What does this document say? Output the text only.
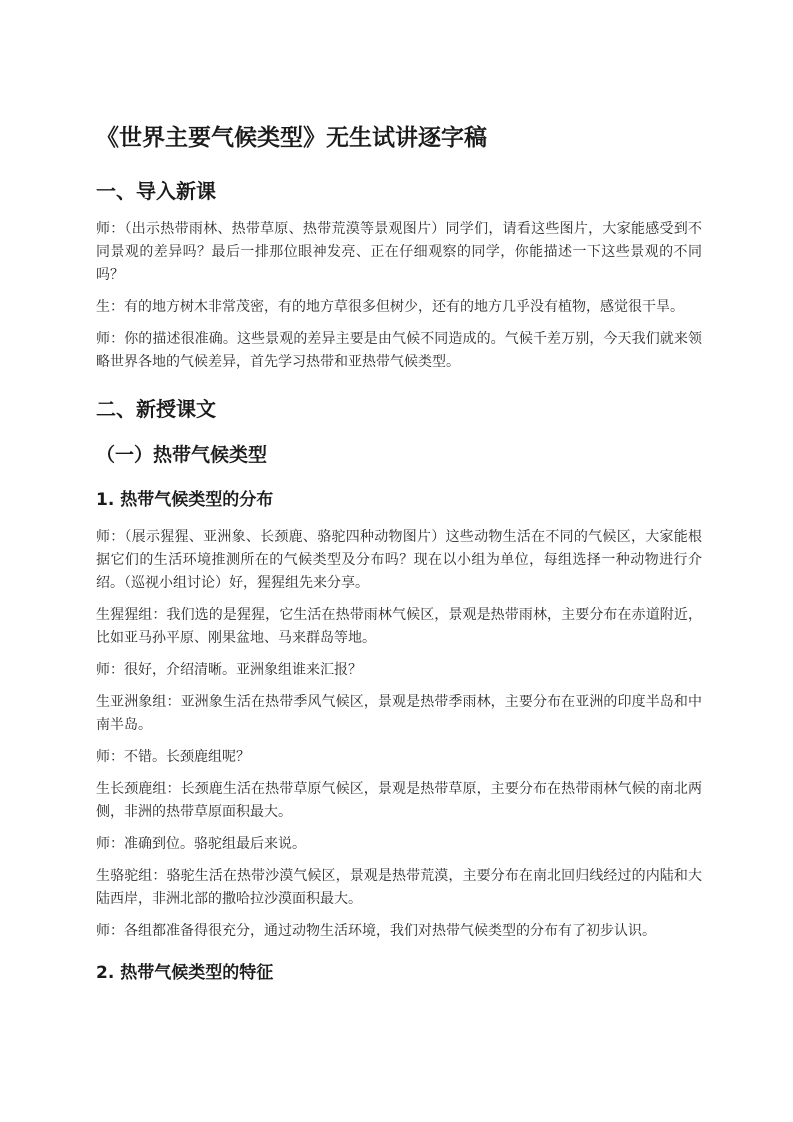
《世界主要气候类型》无生试讲逐字稿
一、导入新课

师：（出示热带雨林、热带草原、热带荒漠等景观图片）同学们，请看这些图片，大家能感受到不同景观的差异吗？最后一排那位眼神发亮、正在仔细观察的同学，你能描述一下这些景观的不同吗？

生：有的地方树木非常茂密，有的地方草很多但树少，还有的地方几乎没有植物，感觉很干旱。

师：你的描述很准确。这些景观的差异主要是由气候不同造成的。气候千差万别，今天我们就来领略世界各地的气候差异，首先学习热带和亚热带气候类型。

二、新授课文
（一）热带气候类型
1. 热带气候类型的分布

师：（展示猩猩、亚洲象、长颈鹿、骆驼四种动物图片）这些动物生活在不同的气候区，大家能根据它们的生活环境推测所在的气候类型及分布吗？现在以小组为单位，每组选择一种动物进行介绍。（巡视小组讨论）好，猩猩组先来分享。

生猩猩组：我们选的是猩猩，它生活在热带雨林气候区，景观是热带雨林，主要分布在赤道附近，比如亚马孙平原、刚果盆地、马来群岛等地。

师：很好，介绍清晰。亚洲象组谁来汇报？

生亚洲象组：亚洲象生活在热带季风气候区，景观是热带季雨林，主要分布在亚洲的印度半岛和中南半岛。

师：不错。长颈鹿组呢？

生长颈鹿组：长颈鹿生活在热带草原气候区，景观是热带草原，主要分布在热带雨林气候的南北两侧，非洲的热带草原面积最大。

师：准确到位。骆驼组最后来说。

生骆驼组：骆驼生活在热带沙漠气候区，景观是热带荒漠，主要分布在南北回归线经过的内陆和大陆西岸，非洲北部的撒哈拉沙漠面积最大。

师：各组都准备得很充分，通过动物生活环境，我们对热带气候类型的分布有了初步认识。

2. 热带气候类型的特征
